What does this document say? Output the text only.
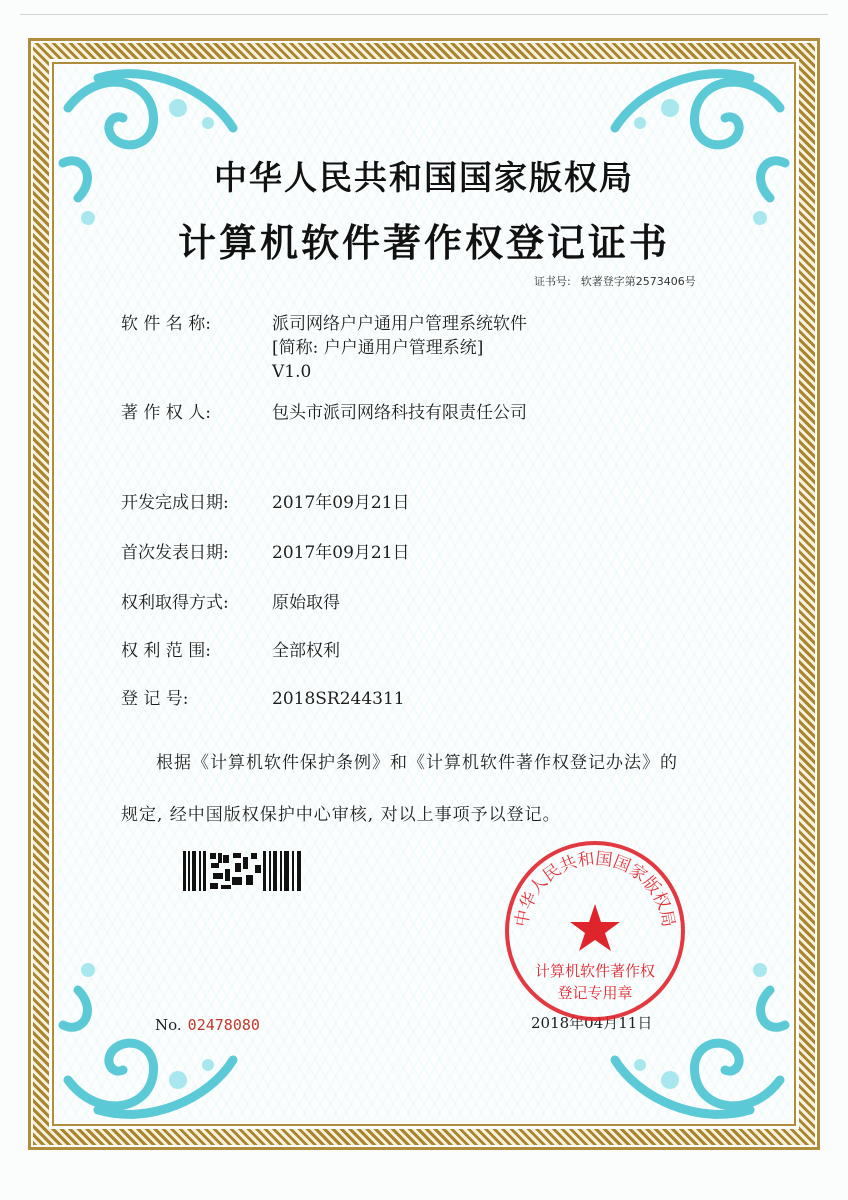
中华人民共和国国家版权局
计算机软件著作权登记证书
证书号: 软著登字第2573406号
软 件 名 称:	派司网络户户通用户管理系统软件
[简称: 户户通用户管理系统]
V1.0
著 作 权 人:	包头市派司网络科技有限责任公司
开发完成日期:	2017年09月21日
首次发表日期:	2017年09月21日
权利取得方式:	原始取得
权 利 范 围:	全部权利
登 记 号:	2018SR244311
根据《计算机软件保护条例》和《计算机软件著作权登记办法》的
规定, 经中国版权保护中心审核, 对以上事项予以登记。
No. 02478080	2018年04月11日
中华人民共和国国家版权局
计算机软件著作权
登记专用章
